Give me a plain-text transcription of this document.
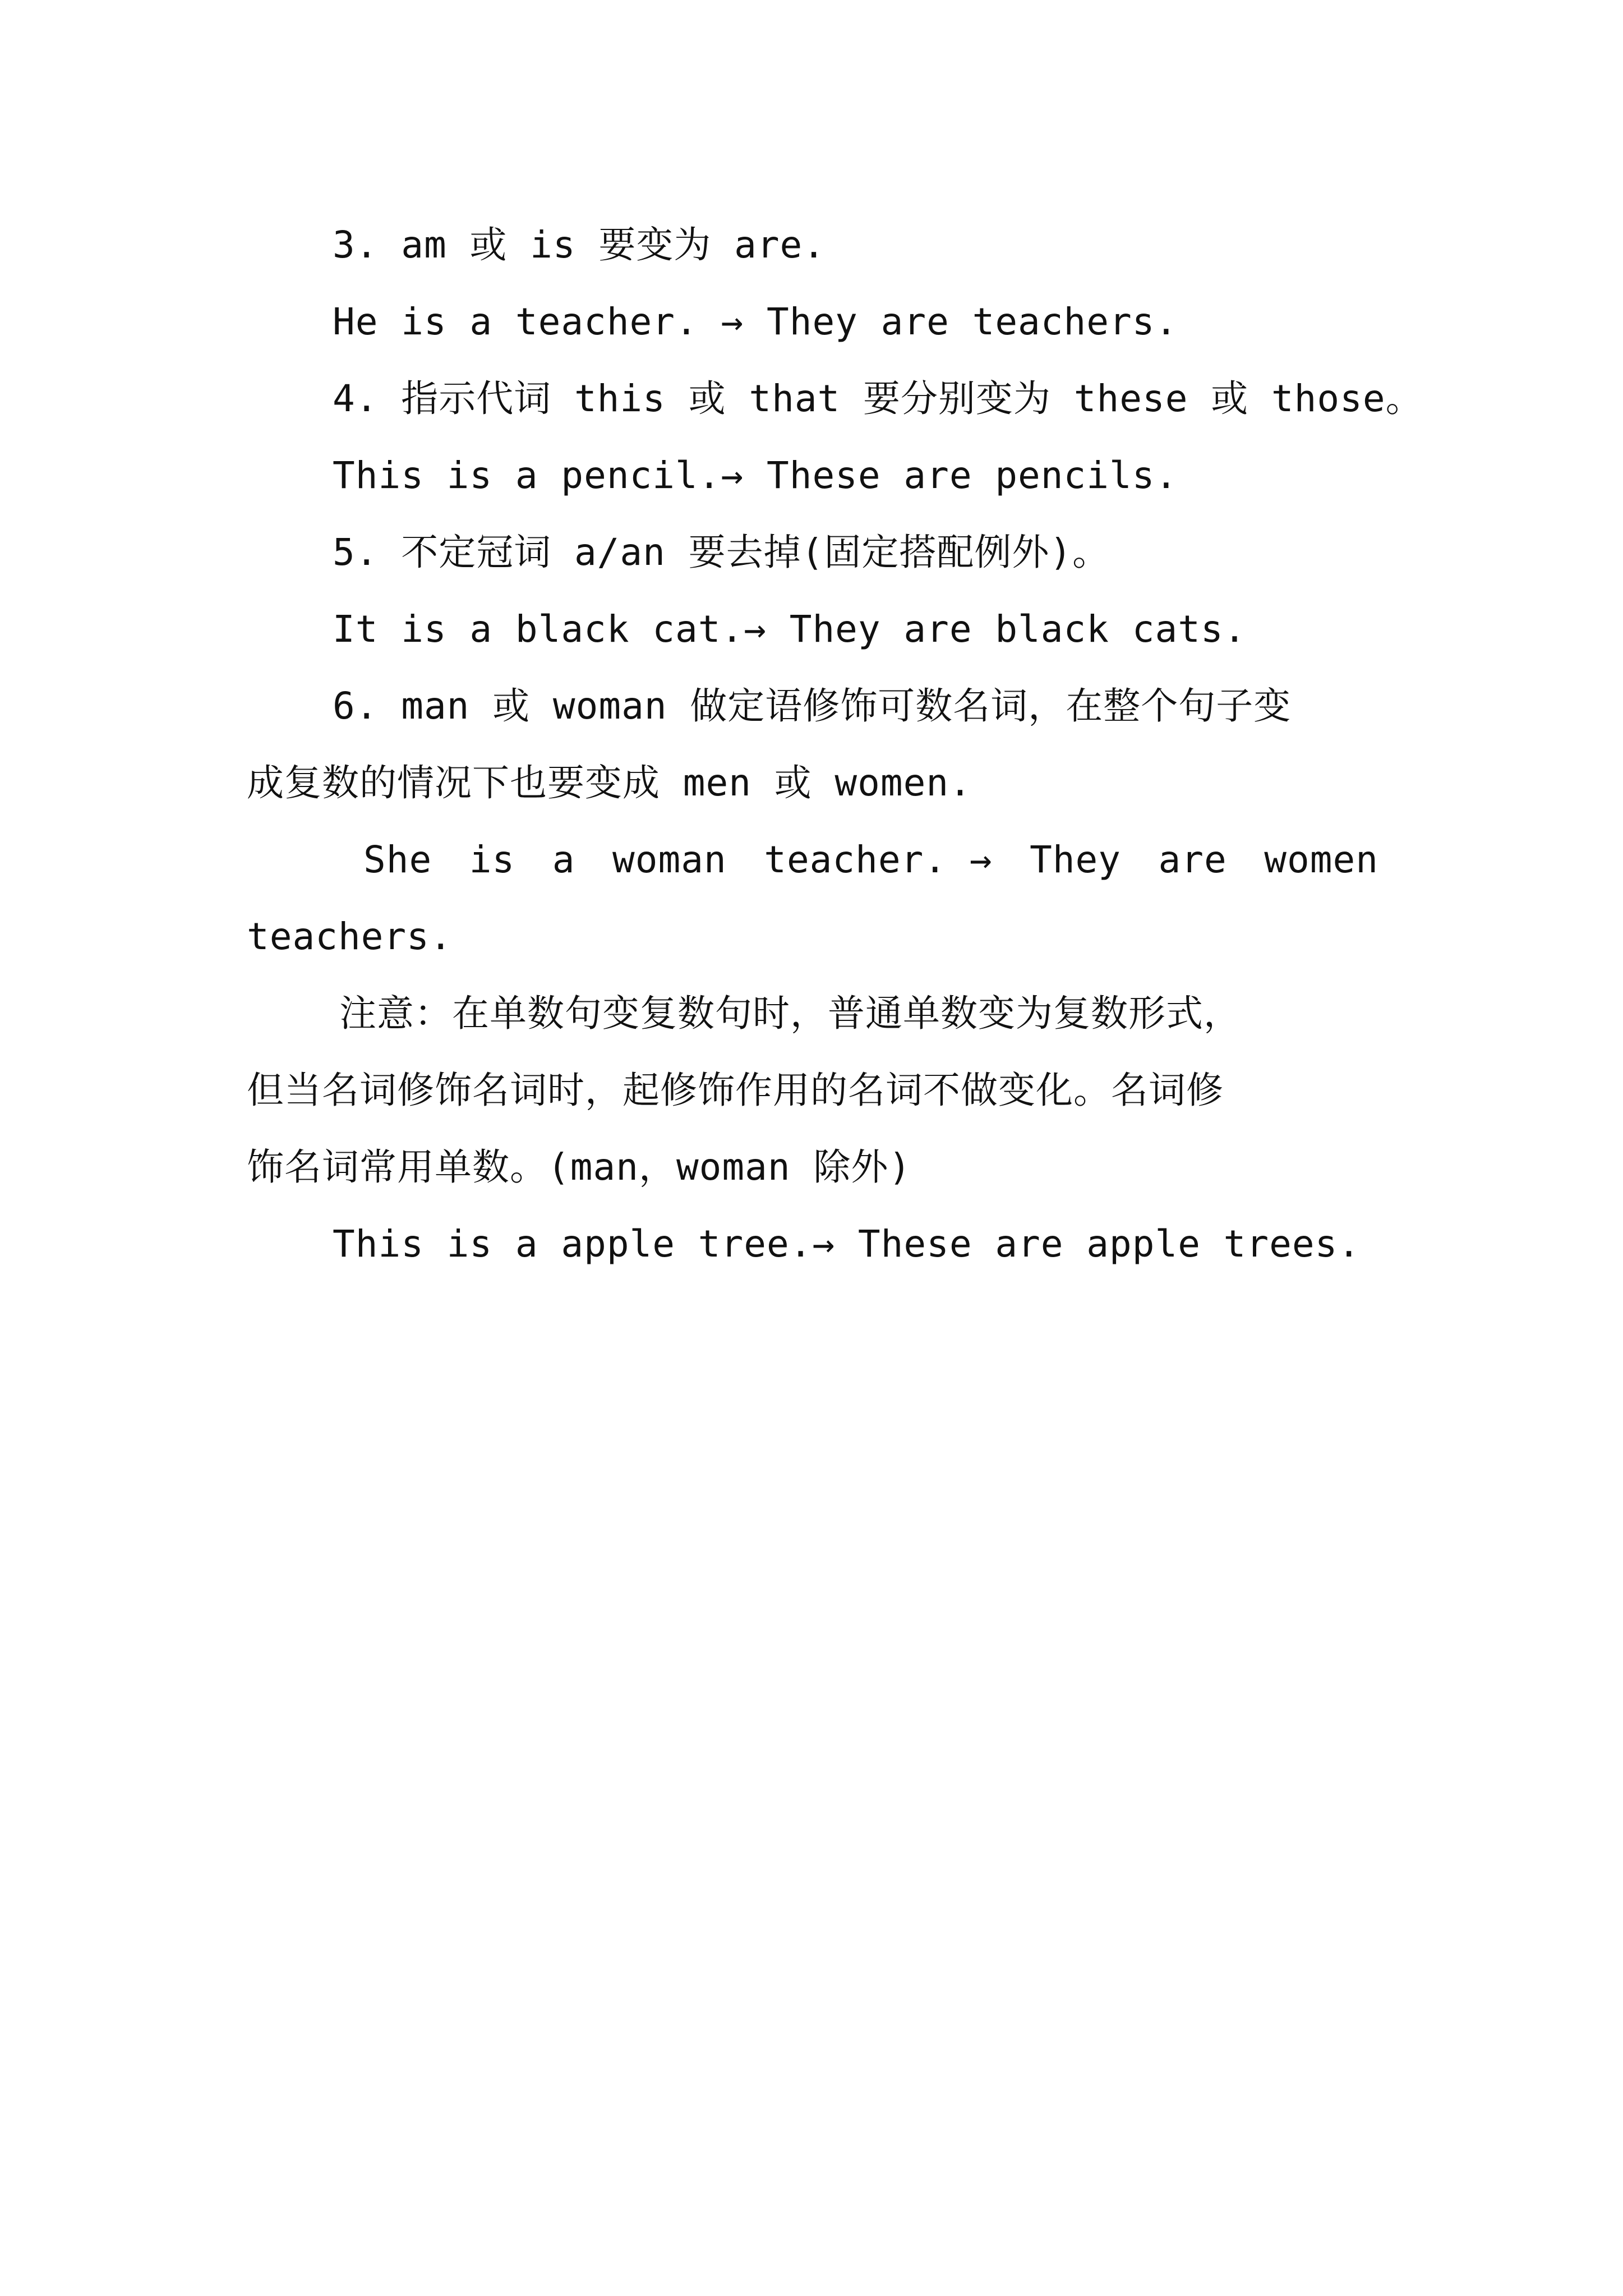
3. am 或 is 要变为 are.
He is a teacher. → They are teachers.
4. 指示代词 this 或 that 要分别变为 these 或 those。
This is a pencil.→ These are pencils.
5. 不定冠词 a/an 要去掉(固定搭配例外)。
It is a black cat.→ They are black cats.
6. man 或 woman 做定语修饰可数名词，在整个句子变
成复数的情况下也要变成 men 或 women.
She is a woman teacher. → They are women
teachers.
注意：在单数句变复数句时，普通单数变为复数形式，
但当名词修饰名词时，起修饰作用的名词不做变化。名词修
饰名词常用单数。(man，woman 除外)
This is a apple tree.→ These are apple trees.
